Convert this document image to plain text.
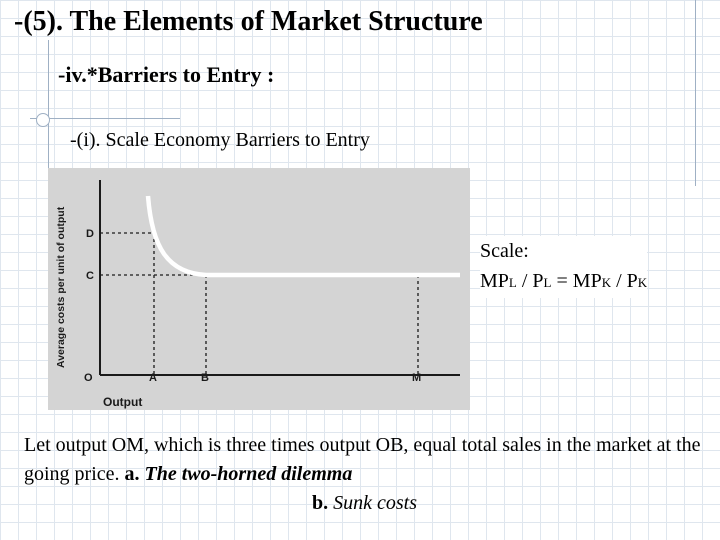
-(5). The Elements of Market Structure
-iv.*Barriers to Entry :
-(i). Scale Economy Barriers to Entry
D
C
O	A	B	M
Output
Average costs per unit of output	Scale:
MPL / PL = MPK / PK
Let output OM, which is three times output OB, equal total sales in the market at the going price. a. The two-horned dilemma
b. Sunk costs
